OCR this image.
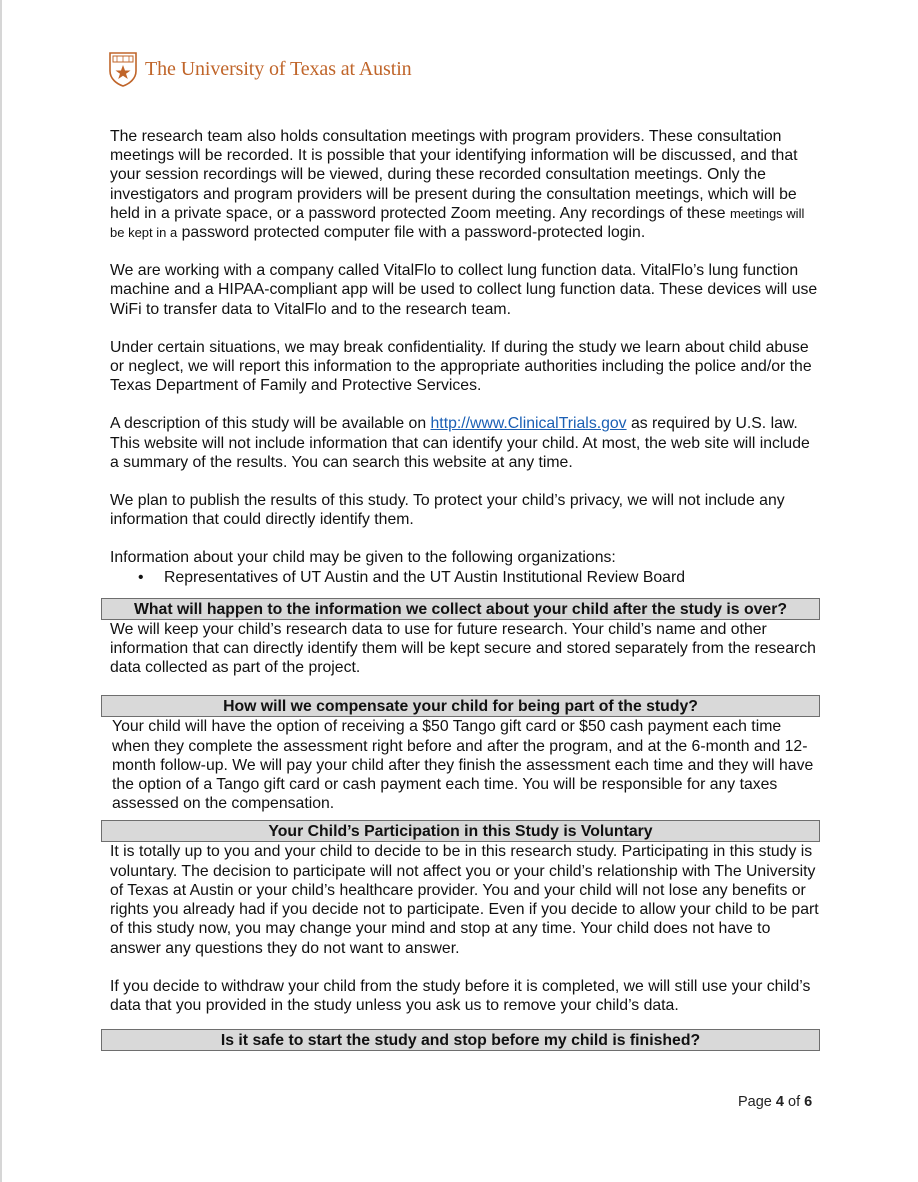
The University of Texas at Austin

The research team also holds consultation meetings with program providers. These consultation meetings will be recorded. It is possible that your identifying information will be discussed, and that your session recordings will be viewed, during these recorded consultation meetings. Only the investigators and program providers will be present during the consultation meetings, which will be held in a private space, or a password protected Zoom meeting. Any recordings of these meetings will be kept in a password protected computer file with a password-protected login.

We are working with a company called VitalFlo to collect lung function data. VitalFlo’s lung function machine and a HIPAA-compliant app will be used to collect lung function data. These devices will use WiFi to transfer data to VitalFlo and to the research team.

Under certain situations, we may break confidentiality. If during the study we learn about child abuse or neglect, we will report this information to the appropriate authorities including the police and/or the Texas Department of Family and Protective Services.

A description of this study will be available on http://www.ClinicalTrials.gov as required by U.S. law. This website will not include information that can identify your child. At most, the web site will include a summary of the results. You can search this website at any time.

We plan to publish the results of this study. To protect your child’s privacy, we will not include any information that could directly identify them.

Information about your child may be given to the following organizations:

•	Representatives of UT Austin and the UT Austin Institutional Review Board
What will happen to the information we collect about your child after the study is over?

We will keep your child’s research data to use for future research. Your child’s name and other information that can directly identify them will be kept secure and stored separately from the research data collected as part of the project.

How will we compensate your child for being part of the study?

Your child will have the option of receiving a $50 Tango gift card or $50 cash payment each time when they complete the assessment right before and after the program, and at the 6-month and 12-month follow-up. We will pay your child after they finish the assessment each time and they will have the option of a Tango gift card or cash payment each time. You will be responsible for any taxes assessed on the compensation.

Your Child’s Participation in this Study is Voluntary

It is totally up to you and your child to decide to be in this research study. Participating in this study is voluntary. The decision to participate will not affect you or your child’s relationship with The University of Texas at Austin or your child’s healthcare provider. You and your child will not lose any benefits or rights you already had if you decide not to participate. Even if you decide to allow your child to be part of this study now, you may change your mind and stop at any time. Your child does not have to answer any questions they do not want to answer.

If you decide to withdraw your child from the study before it is completed, we will still use your child’s data that you provided in the study unless you ask us to remove your child’s data.

Is it safe to start the study and stop before my child is finished?
Page 4 of 6
